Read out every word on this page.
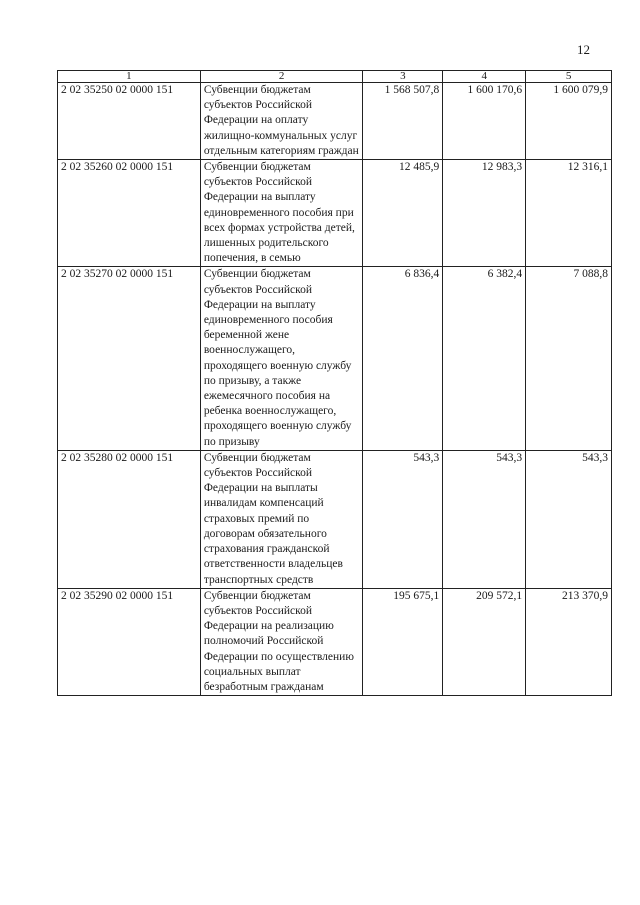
12
1	2	3	4	5
2 02 35250 02 0000 151	Субвенции бюджетам субъектов Российской Федерации на оплату жилищно-коммунальных услуг отдельным категориям граждан	1 568 507,8	1 600 170,6	1 600 079,9
2 02 35260 02 0000 151	Субвенции бюджетам субъектов Российской Федерации на выплату единовременного пособия при всех формах устройства детей, лишенных родительского попечения, в семью	12 485,9	12 983,3	12 316,1
2 02 35270 02 0000 151	Субвенции бюджетам субъектов Российской Федерации на выплату единовременного пособия беременной жене военнослужащего, проходящего военную службу по призыву, а также ежемесячного пособия на ребенка военнослужащего, проходящего военную службу по призыву	6 836,4	6 382,4	7 088,8
2 02 35280 02 0000 151	Субвенции бюджетам субъектов Российской Федерации на выплаты инвалидам компенсаций страховых премий по договорам обязательного страхования гражданской ответственности владельцев транспортных средств	543,3	543,3	543,3
2 02 35290 02 0000 151	Субвенции бюджетам субъектов Российской Федерации на реализацию полномочий Российской Федерации по осуществлению социальных выплат безработным гражданам	195 675,1	209 572,1	213 370,9
